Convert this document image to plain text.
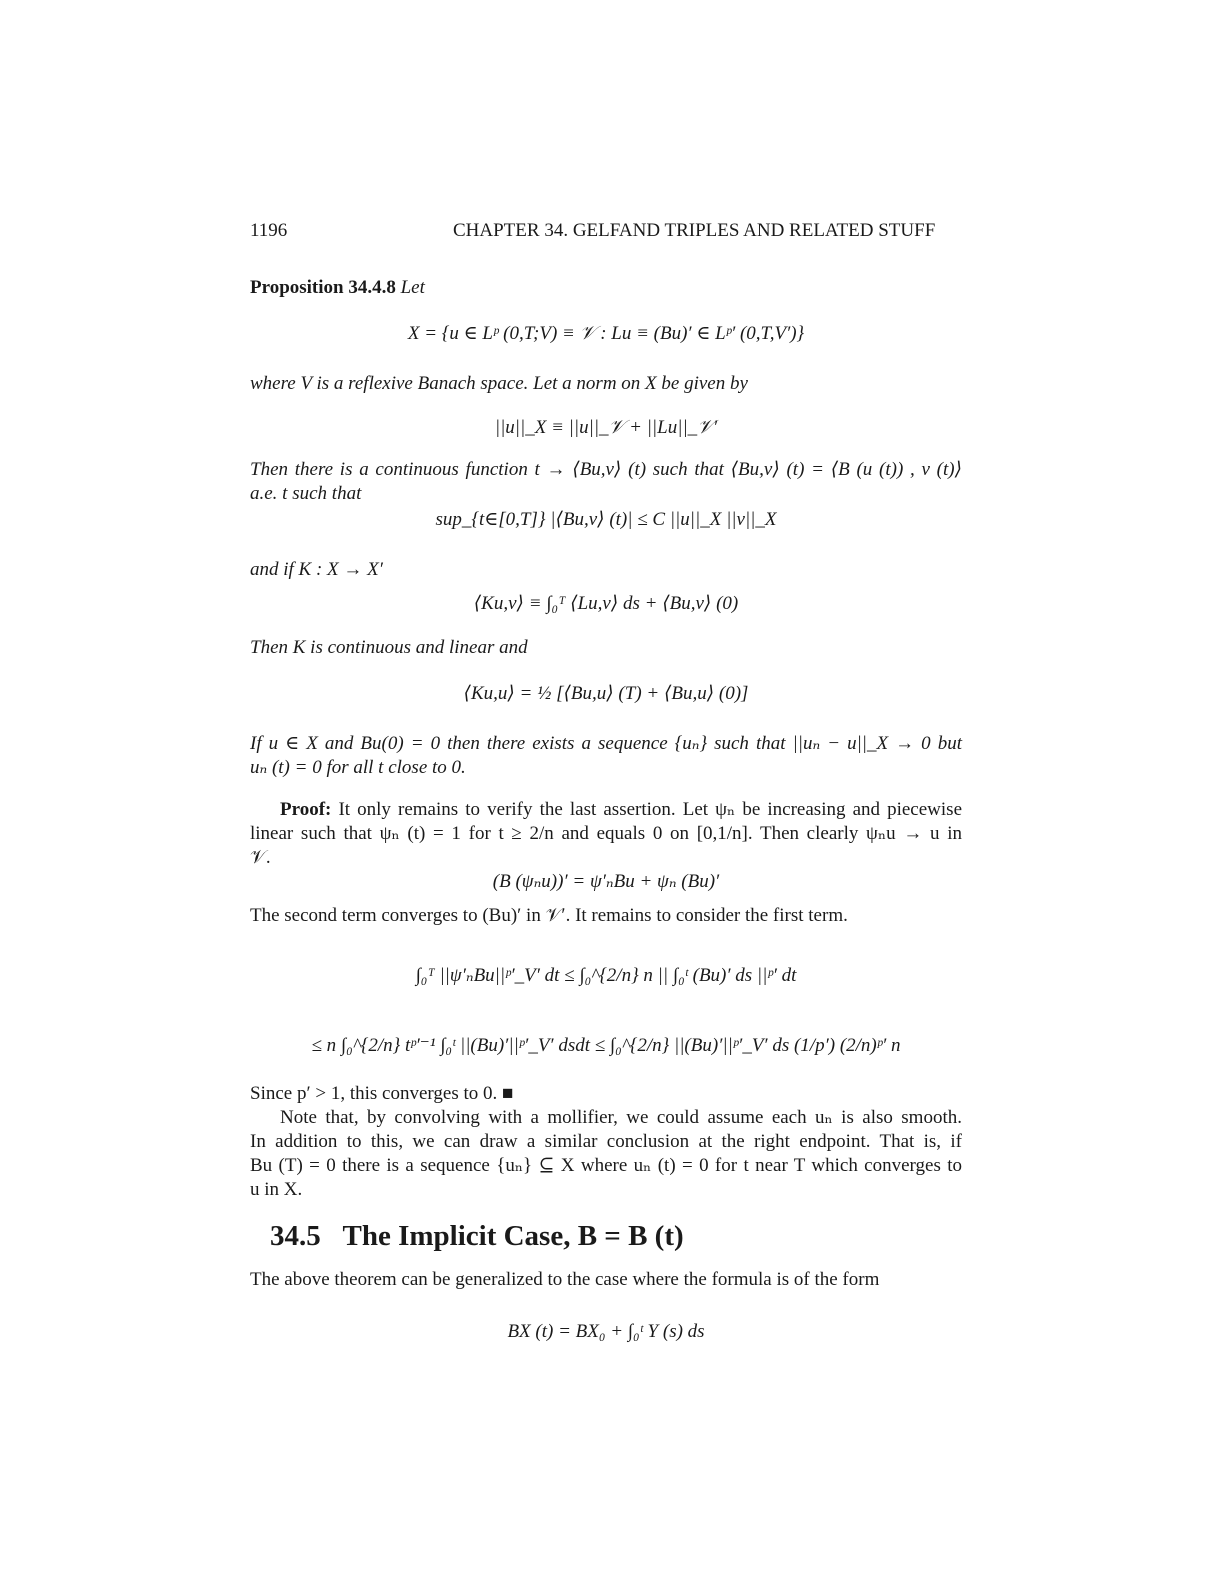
1196	CHAPTER 34. GELFAND TRIPLES AND RELATED STUFF
Proposition 34.4.8 Let
X = {u ∈ Lᵖ (0,T;V) ≡ 𝒱 : Lu ≡ (Bu)′ ∈ Lᵖ′ (0,T,V′)}
where V is a reflexive Banach space. Let a norm on X be given by
||u||_X ≡ ||u||_𝒱 + ||Lu||_𝒱′
Then there is a continuous function t → ⟨Bu,v⟩ (t) such that ⟨Bu,v⟩ (t) = ⟨B (u (t)) , v (t)⟩
a.e. t such that
sup_{t∈[0,T]} |⟨Bu,v⟩ (t)| ≤ C ||u||_X ||v||_X
and if K : X → X′
⟨Ku,v⟩ ≡ ∫₀ᵀ ⟨Lu,v⟩ ds + ⟨Bu,v⟩ (0)
Then K is continuous and linear and
⟨Ku,u⟩ = ½ [⟨Bu,u⟩ (T) + ⟨Bu,u⟩ (0)]
If u ∈ X and Bu(0) = 0 then there exists a sequence {uₙ} such that ||uₙ − u||_X → 0 but
uₙ (t) = 0 for all t close to 0.
Proof: It only remains to verify the last assertion. Let ψₙ be increasing and piecewise
linear such that ψₙ (t) = 1 for t ≥ 2/n and equals 0 on [0,1/n]. Then clearly ψₙu → u in
𝒱.
(B (ψₙu))′ = ψ′ₙBu + ψₙ (Bu)′
The second term converges to (Bu)′ in 𝒱′. It remains to consider the first term.
∫₀ᵀ ||ψ′ₙBu||ᵖ′_V′ dt ≤ ∫₀^{2/n} n || ∫₀ᵗ (Bu)′ ds ||ᵖ′ dt
≤ n ∫₀^{2/n} tᵖ′⁻¹ ∫₀ᵗ ||(Bu)′||ᵖ′_V′ dsdt ≤ ∫₀^{2/n} ||(Bu)′||ᵖ′_V′ ds (1/p′) (2/n)ᵖ′ n
Since p′ > 1, this converges to 0. ■
Note that, by convolving with a mollifier, we could assume each uₙ is also smooth.
In addition to this, we can draw a similar conclusion at the right endpoint. That is, if
Bu (T) = 0 there is a sequence {uₙ} ⊆ X where uₙ (t) = 0 for t near T which converges to
u in X.
34.5 The Implicit Case, B = B (t)
The above theorem can be generalized to the case where the formula is of the form
BX (t) = BX₀ + ∫₀ᵗ Y (s) ds
